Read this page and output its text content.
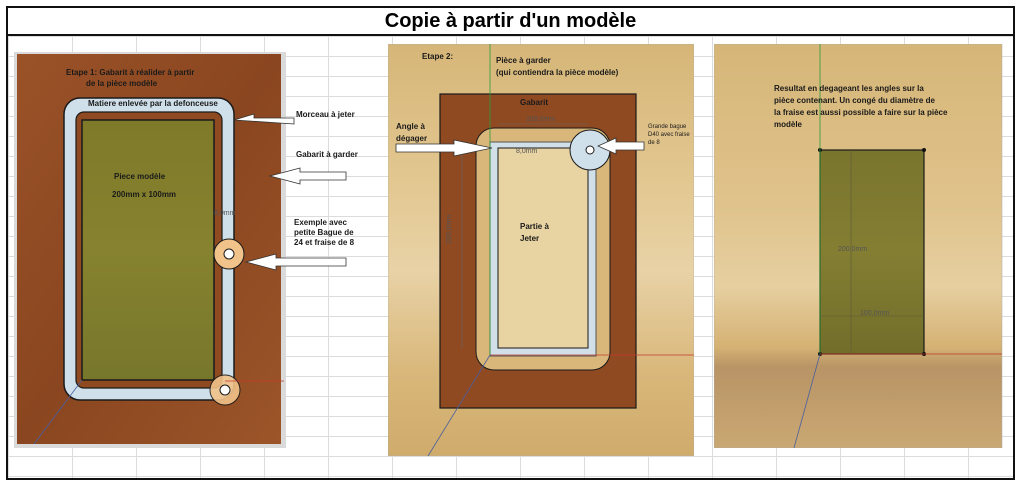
Copie à partir d'un modèle
Etape 1: Gabarit à réalider à partir
de la pièce modèle
Matiere enlevée par la defonceuse
Piece modèle
200mm x 100mm
Morceau à jeter
Gabarit à garder
Exemple avec
petite Bague de
24 et fraise de 8
8,0mm
Etape 2:	Pièce à garder
(qui contiendra la pièce modèle)
Gabarit
Angle à
dégager
Grande bague
D40 avec fraise
de 8
Partie à
Jeter
100,0mm
8,0mm
200,0mm
Resultat en degageant les angles sur la
pièce contenant. Un congé du diamètre de
la fraise est aussi possible a faire sur la pièce
modèle
200,0mm
100,0mm
